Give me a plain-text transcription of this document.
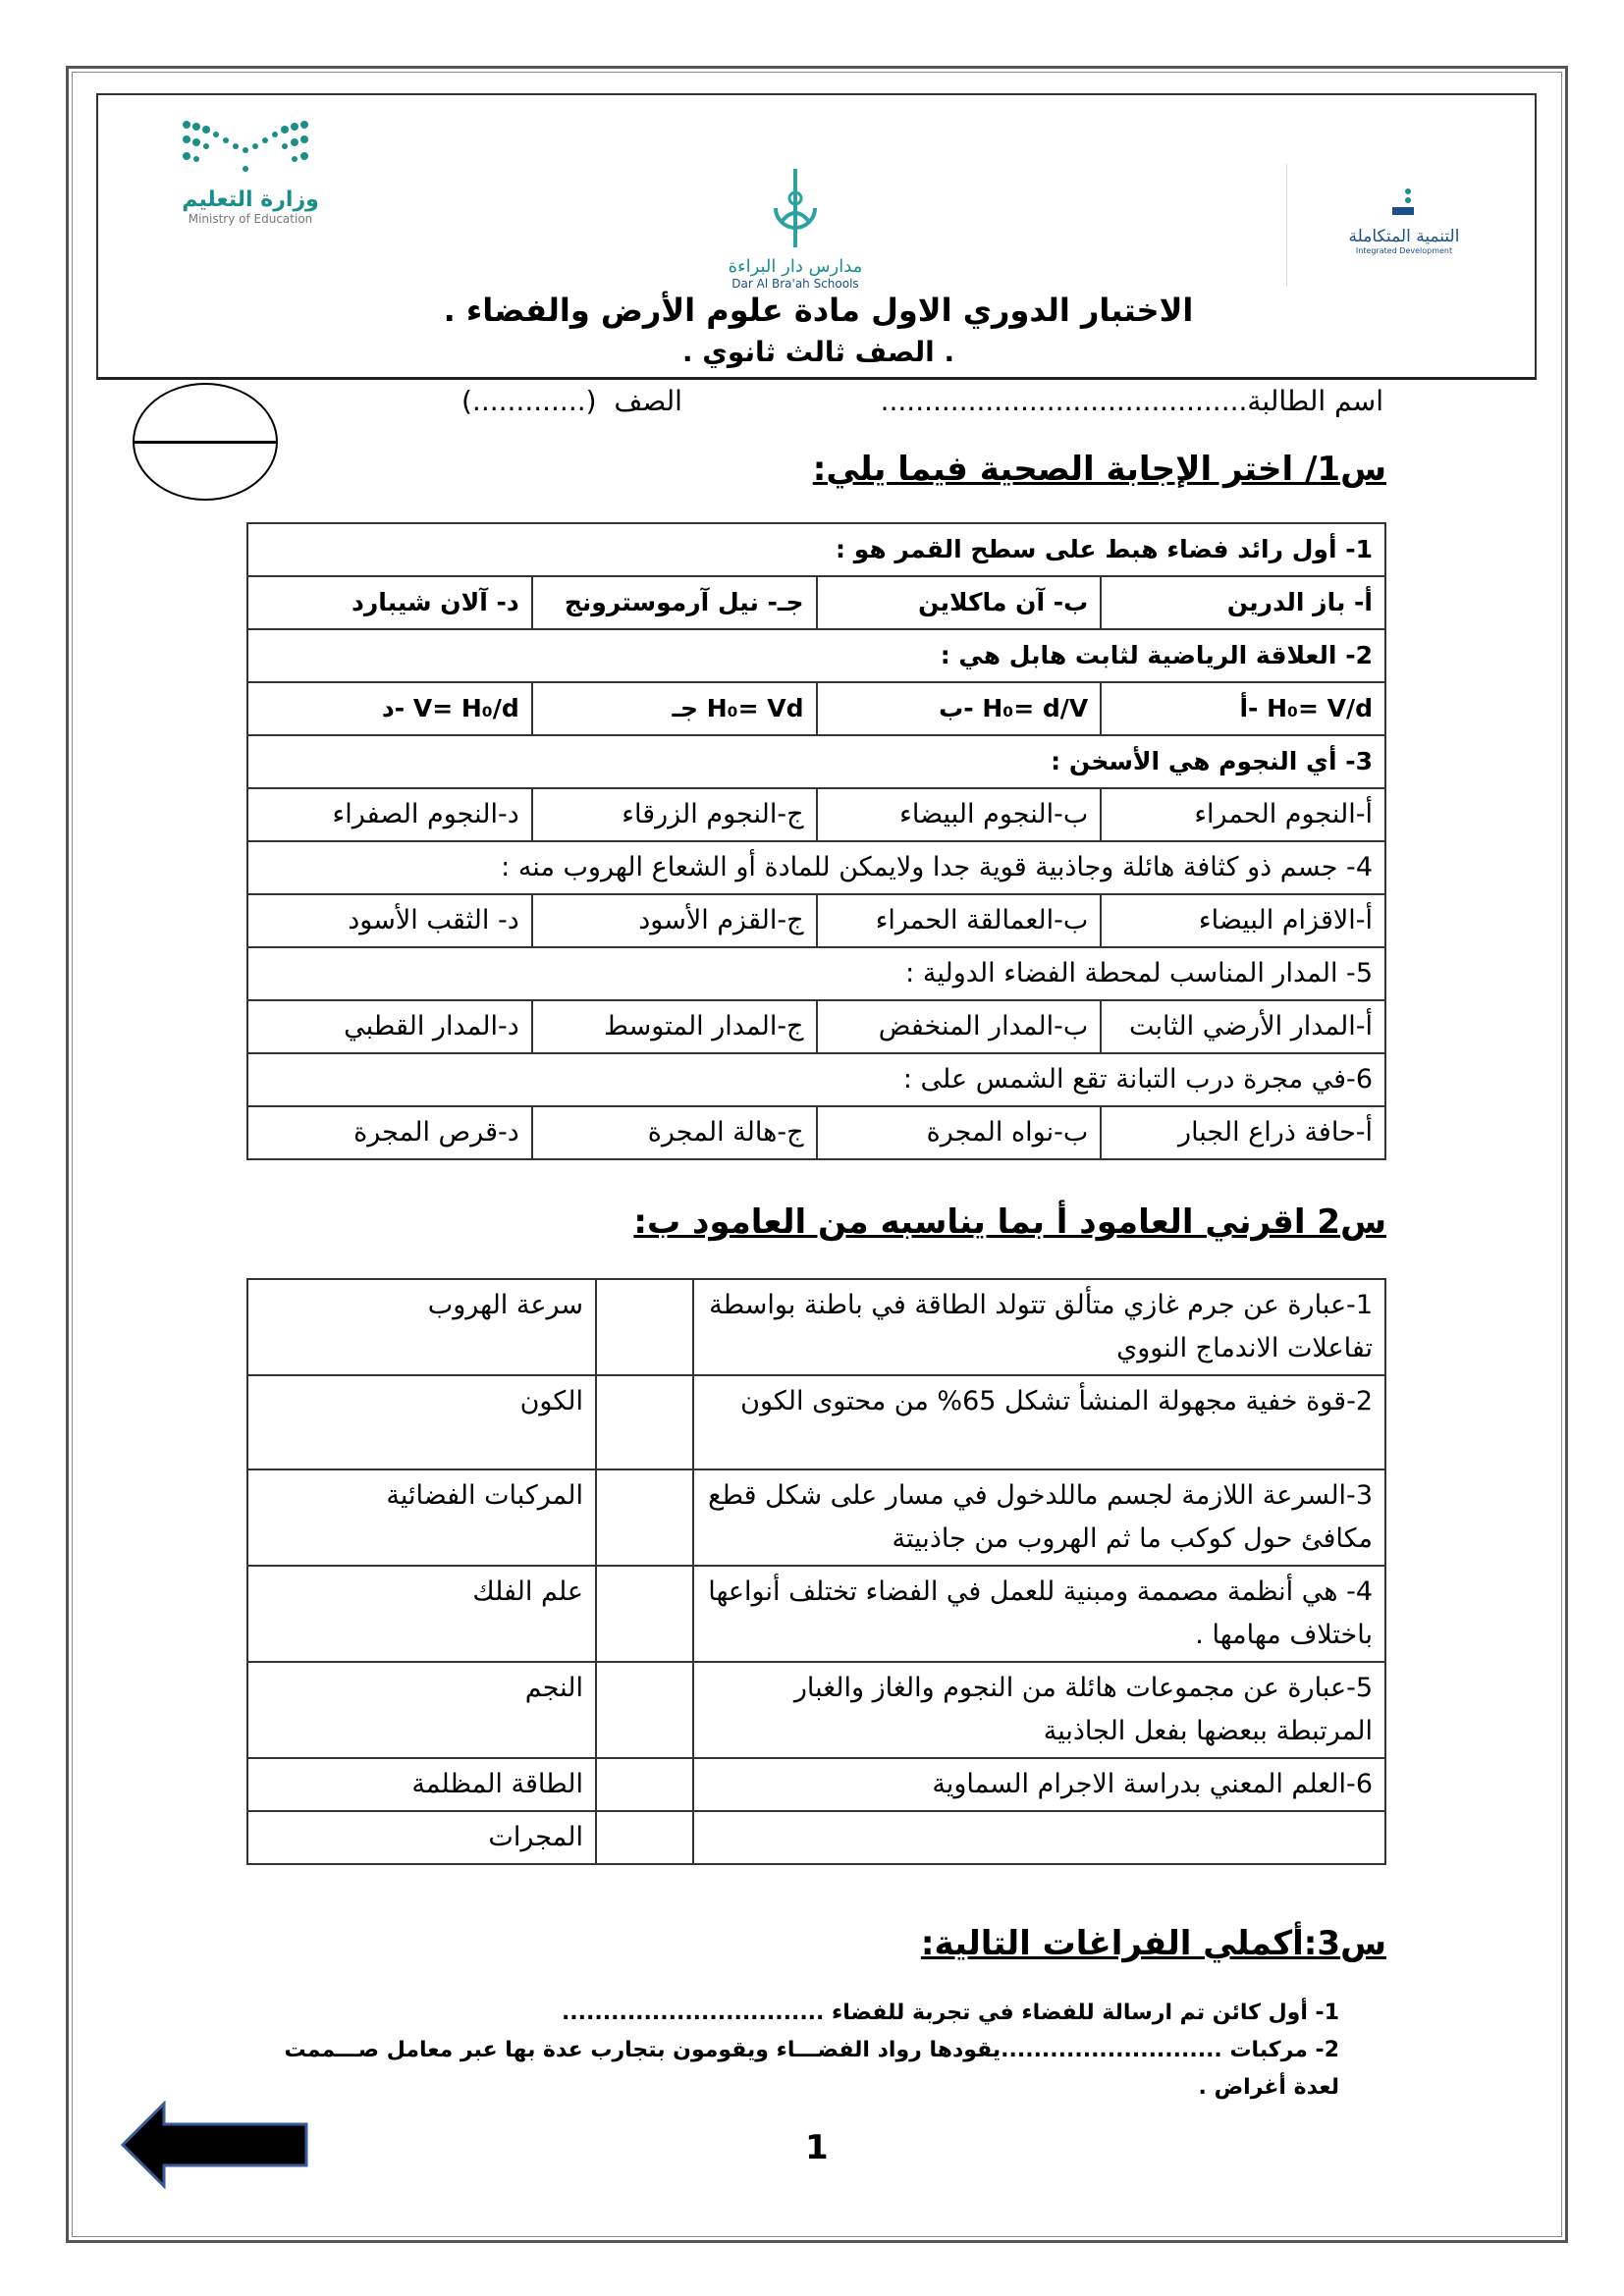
وزارة التعليم
Ministry of Education
مدارس دار البراءة
Dar Al Bra'ah Schools
التنمية المتكاملة
Integrated Development
الاختبار الدوري الاول مادة علوم الأرض والفضاء .
. الصف ثالث ثانوي .
اسم الطالبة..........................................
الصف  (.............)
س1/ اختر الإجابة الصحية فيما يلي:
1- أول رائد فضاء هبط على سطح القمر هو :			
أ- باز الدرين	ب- آن ماكلاين	جـ- نيل آرموسترونج	د- آلان شيبارد
2- العلاقة الرياضية لثابت هابل هي :			
أ- H₀= V/d	ب- H₀= d/V	جـ H₀= Vd	د- V= H₀/d
3- أي النجوم هي الأسخن :			
أ-النجوم الحمراء	ب-النجوم البيضاء	ج-النجوم الزرقاء	د-النجوم الصفراء
4- جسم ذو كثافة هائلة وجاذبية قوية جدا ولايمكن للمادة أو الشعاع الهروب منه :			
أ-الاقزام البيضاء	ب-العمالقة الحمراء	ج-القزم الأسود	د- الثقب الأسود
5- المدار المناسب لمحطة الفضاء الدولية :			
أ-المدار الأرضي الثابت	ب-المدار المنخفض	ج-المدار المتوسط	د-المدار القطبي
6-في مجرة درب التبانة تقع الشمس على :			
أ-حافة ذراع الجبار	ب-نواه المجرة	ج-هالة المجرة	د-قرص المجرة
س2 اقرني العامود أ بما يناسبه من العامود ب:
1-عبارة عن جرم غازي متألق تتولد الطاقة في باطنة بواسطة تفاعلات الاندماج النووي		سرعة الهروب
2-قوة خفية مجهولة المنشأ تشكل 65% من محتوى الكون		الكون
3-السرعة اللازمة لجسم ماللدخول في مسار على شكل قطع مكافئ حول كوكب ما ثم الهروب من جاذبيتة		المركبات الفضائية
4- هي أنظمة مصممة ومبنية للعمل في الفضاء تختلف أنواعها باختلاف مهامها .		علم الفلك
5-عبارة عن مجموعات هائلة من النجوم والغاز والغبار المرتبطة ببعضها بفعل الجاذبية		النجم
6-العلم المعني بدراسة الاجرام السماوية		الطاقة المظلمة
		المجرات
س3:أكملي الفراغات التالية:
1- أول كائن تم ارسالة للفضاء في تجربة للفضاء ................................
2- مركبات ...........................يقودها رواد الفضـــاء ويقومون بتجارب عدة بها عبر معامل صـــممت لعدة أغراض .
1
